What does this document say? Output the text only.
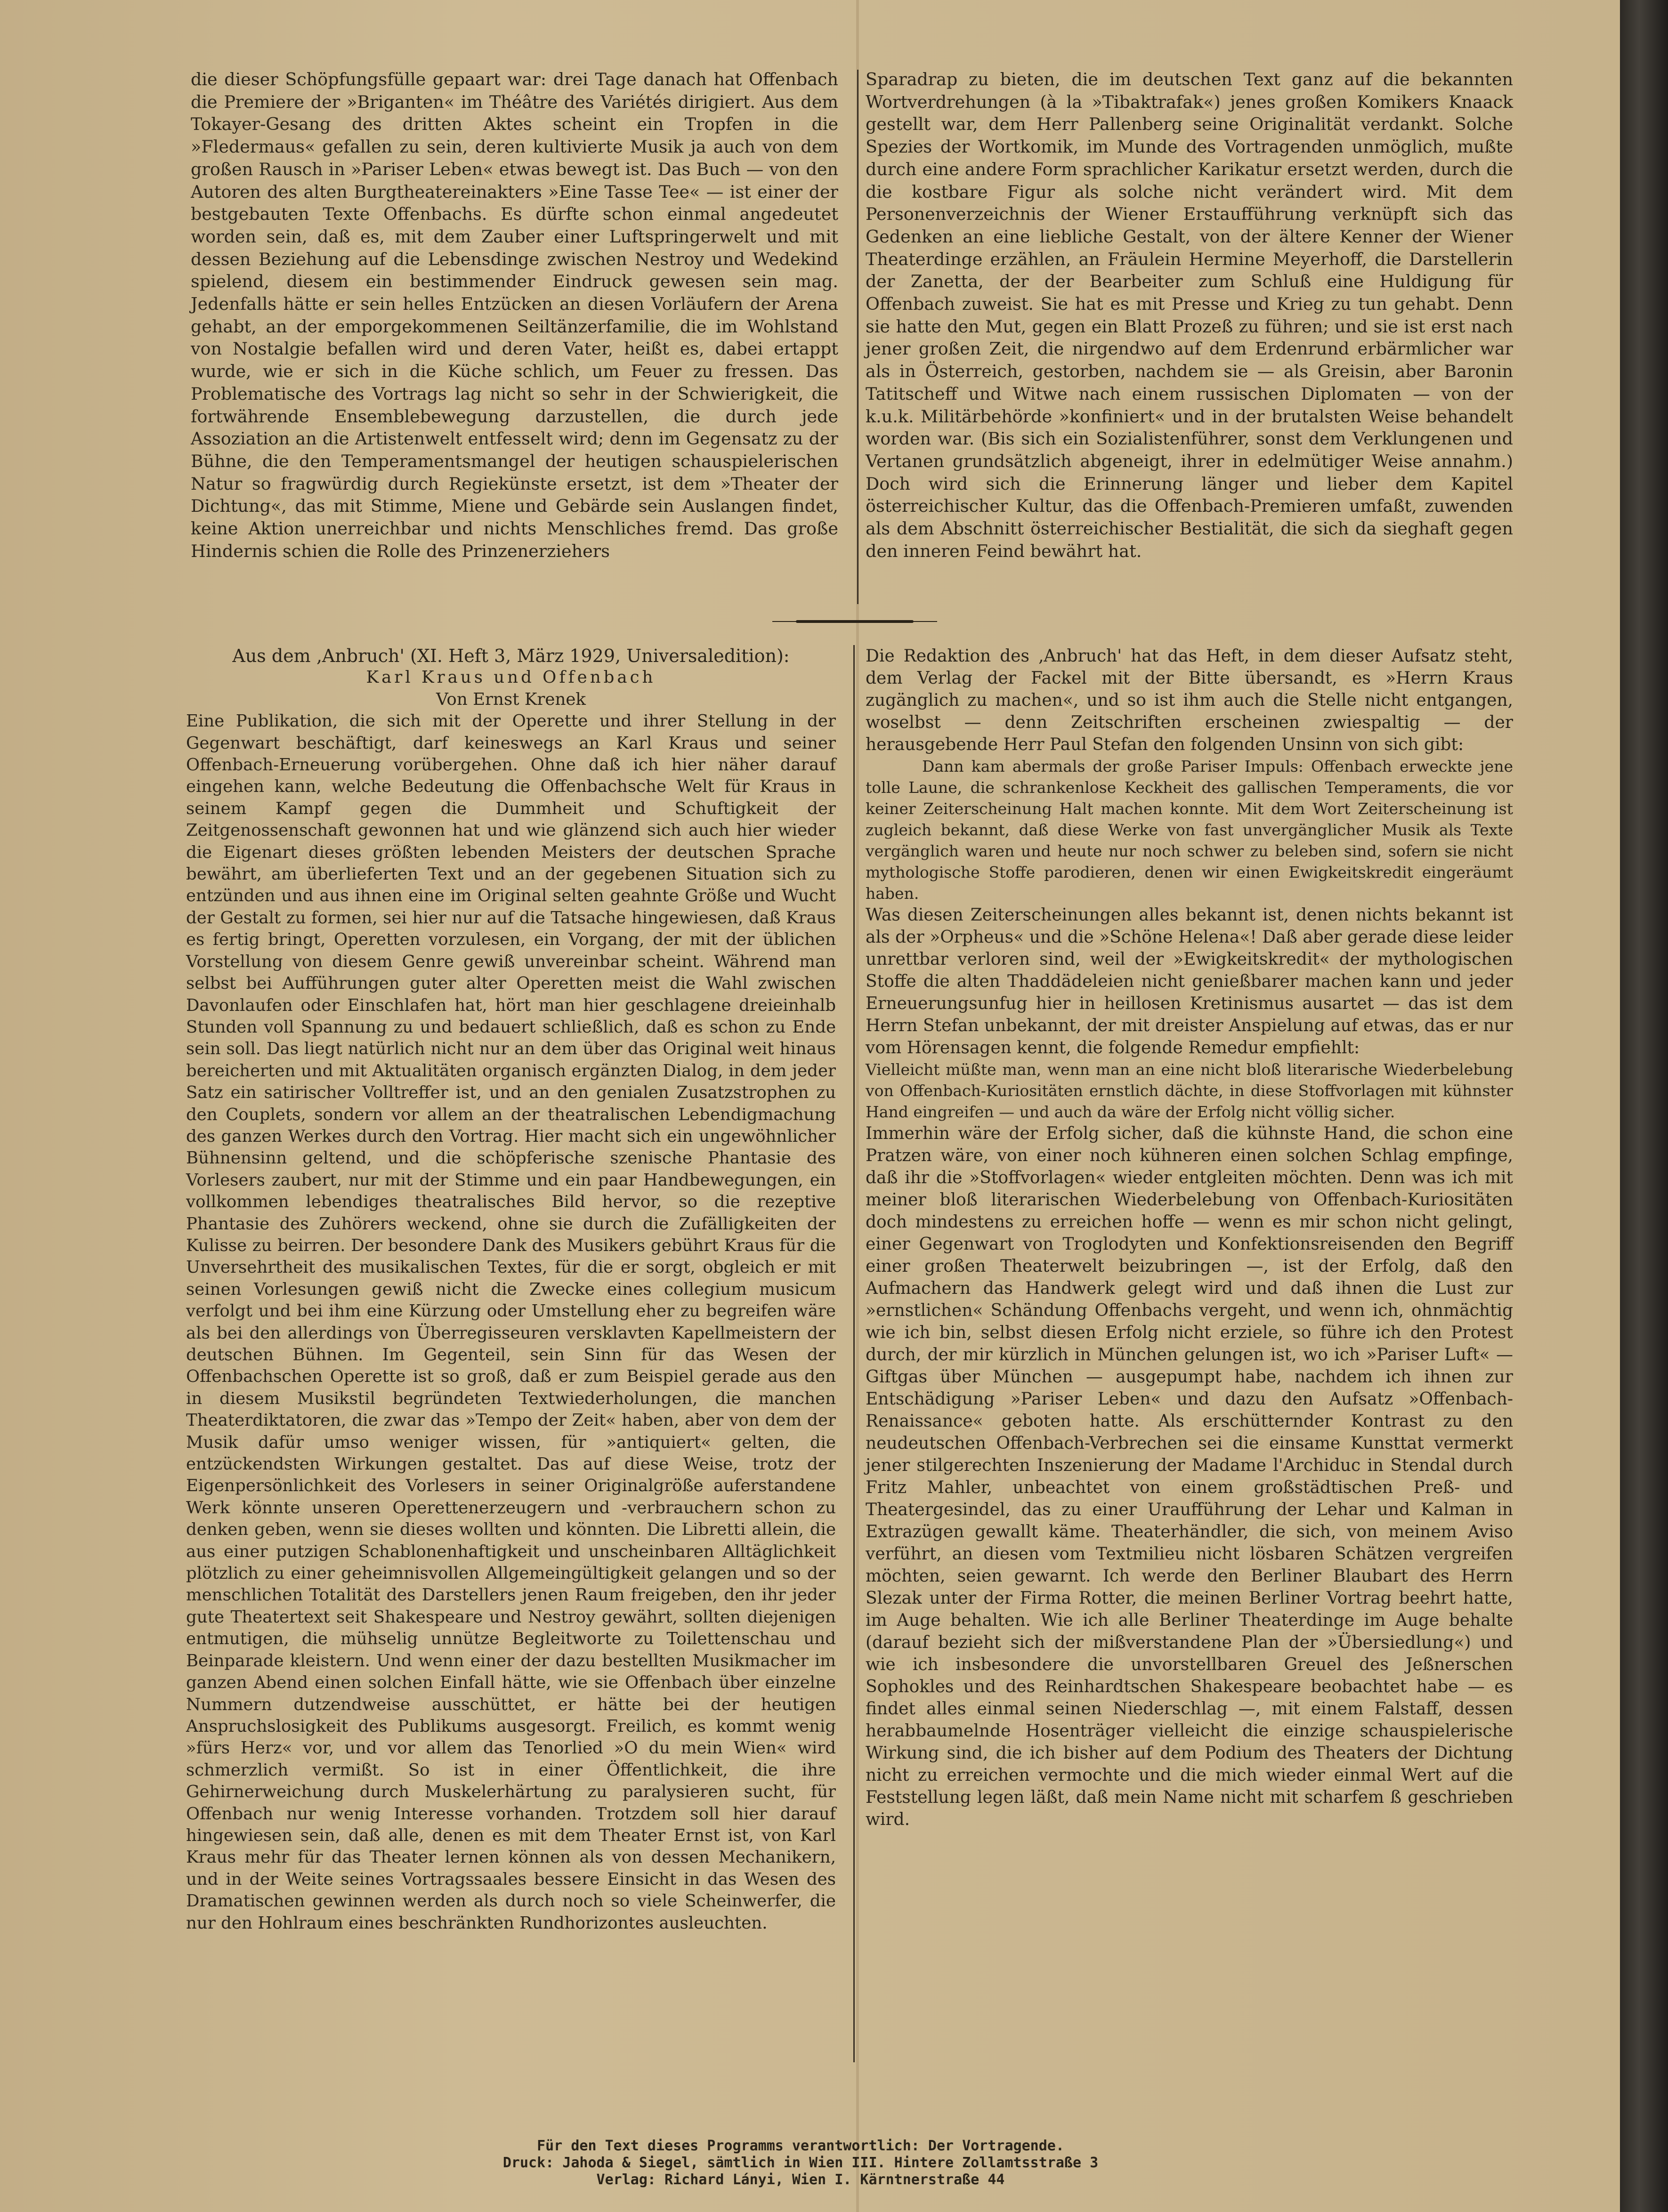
die dieser Schöpfungsfülle gepaart war: drei Tage danach hat Offenbach die Premiere der »Briganten« im Théâtre des Variétés dirigiert. Aus dem Tokayer-Gesang des dritten Aktes scheint ein Tropfen in die »Fledermaus« gefallen zu sein, deren kultivierte Musik ja auch von dem großen Rausch in »Pariser Leben« etwas bewegt ist. Das Buch — von den Autoren des alten Burgtheatereinakters »Eine Tasse Tee« — ist einer der bestgebauten Texte Offenbachs. Es dürfte schon einmal angedeutet worden sein, daß es, mit dem Zauber einer Luftspringerwelt und mit dessen Beziehung auf die Lebensdinge zwischen Nestroy und Wedekind spielend, diesem ein bestimmender Eindruck gewesen sein mag. Jedenfalls hätte er sein helles Entzücken an diesen Vorläufern der Arena gehabt, an der emporgekommenen Seiltänzerfamilie, die im Wohlstand von Nostalgie befallen wird und deren Vater, heißt es, dabei ertappt wurde, wie er sich in die Küche schlich, um Feuer zu fressen. Das Problematische des Vortrags lag nicht so sehr in der Schwierigkeit, die fortwährende Ensemblebewegung darzustellen, die durch jede Assoziation an die Artistenwelt entfesselt wird; denn im Gegensatz zu der Bühne, die den Temperamentsmangel der heutigen schauspielerischen Natur so fragwürdig durch Regiekünste ersetzt, ist dem »Theater der Dichtung«, das mit Stimme, Miene und Gebärde sein Auslangen findet, keine Aktion unerreichbar und nichts Menschliches fremd. Das große Hindernis schien die Rolle des Prinzenerziehers

Sparadrap zu bieten, die im deutschen Text ganz auf die bekannten Wortverdrehungen (à la »Tibaktrafak«) jenes großen Komikers Knaack gestellt war, dem Herr Pallenberg seine Originalität verdankt. Solche Spezies der Wortkomik, im Munde des Vortragenden unmöglich, mußte durch eine andere Form sprachlicher Karikatur ersetzt werden, durch die die kostbare Figur als solche nicht verändert wird. Mit dem Personenverzeichnis der Wiener Erstaufführung verknüpft sich das Gedenken an eine liebliche Gestalt, von der ältere Kenner der Wiener Theaterdinge erzählen, an Fräulein Hermine Meyerhoff, die Darstellerin der Zanetta, der der Bearbeiter zum Schluß eine Huldigung für Offenbach zuweist. Sie hat es mit Presse und Krieg zu tun gehabt. Denn sie hatte den Mut, gegen ein Blatt Prozeß zu führen; und sie ist erst nach jener großen Zeit, die nirgendwo auf dem Erdenrund erbärmlicher war als in Österreich, gestorben, nachdem sie — als Greisin, aber Baronin Tatitscheff und Witwe nach einem russischen Diplomaten — von der k.u.k. Militärbehörde »konfiniert« und in der brutalsten Weise behandelt worden war. (Bis sich ein Sozialistenführer, sonst dem Verklungenen und Vertanen grundsätzlich abgeneigt, ihrer in edelmütiger Weise annahm.) Doch wird sich die Erinnerung länger und lieber dem Kapitel österreichischer Kultur, das die Offenbach-Premieren umfaßt, zuwenden als dem Abschnitt österreichischer Bestialität, die sich da sieghaft gegen den inneren Feind bewährt hat.

Aus dem ‚Anbruch' (XI. Heft 3, März 1929, Universaledition):

Karl Kraus und Offenbach

Von Ernst Krenek

Eine Publikation, die sich mit der Operette und ihrer Stellung in der Gegenwart beschäftigt, darf keineswegs an Karl Kraus und seiner Offenbach-Erneuerung vorübergehen. Ohne daß ich hier näher darauf eingehen kann, welche Bedeutung die Offenbachsche Welt für Kraus in seinem Kampf gegen die Dummheit und Schuftigkeit der Zeitgenossenschaft gewonnen hat und wie glänzend sich auch hier wieder die Eigenart dieses größten lebenden Meisters der deutschen Sprache bewährt, am überlieferten Text und an der gegebenen Situation sich zu entzünden und aus ihnen eine im Original selten geahnte Größe und Wucht der Gestalt zu formen, sei hier nur auf die Tatsache hingewiesen, daß Kraus es fertig bringt, Operetten vorzulesen, ein Vorgang, der mit der üblichen Vorstellung von diesem Genre gewiß unvereinbar scheint. Während man selbst bei Aufführungen guter alter Operetten meist die Wahl zwischen Davonlaufen oder Einschlafen hat, hört man hier geschlagene dreieinhalb Stunden voll Spannung zu und bedauert schließlich, daß es schon zu Ende sein soll. Das liegt natürlich nicht nur an dem über das Original weit hinaus bereicherten und mit Aktualitäten organisch ergänzten Dialog, in dem jeder Satz ein satirischer Volltreffer ist, und an den genialen Zusatzstrophen zu den Couplets, sondern vor allem an der theatralischen Lebendigmachung des ganzen Werkes durch den Vortrag. Hier macht sich ein ungewöhnlicher Bühnensinn geltend, und die schöpferische szenische Phantasie des Vorlesers zaubert, nur mit der Stimme und ein paar Handbewegungen, ein vollkommen lebendiges theatralisches Bild hervor, so die rezeptive Phantasie des Zuhörers weckend, ohne sie durch die Zufälligkeiten der Kulisse zu beirren. Der besondere Dank des Musikers gebührt Kraus für die Unversehrtheit des musikalischen Textes, für die er sorgt, obgleich er mit seinen Vorlesungen gewiß nicht die Zwecke eines collegium musicum verfolgt und bei ihm eine Kürzung oder Umstellung eher zu begreifen wäre als bei den allerdings von Überregisseuren versklavten Kapellmeistern der deutschen Bühnen. Im Gegenteil, sein Sinn für das Wesen der Offenbachschen Operette ist so groß, daß er zum Beispiel gerade aus den in diesem Musikstil begründeten Textwiederholungen, die manchen Theaterdiktatoren, die zwar das »Tempo der Zeit« haben, aber von dem der Musik dafür umso weniger wissen, für »antiquiert« gelten, die entzückendsten Wirkungen gestaltet. Das auf diese Weise, trotz der Eigenpersönlichkeit des Vorlesers in seiner Originalgröße auferstandene Werk könnte unseren Operettenerzeugern und -verbrauchern schon zu denken geben, wenn sie dieses wollten und könnten. Die Libretti allein, die aus einer putzigen Schablonenhaftigkeit und unscheinbaren Alltäglichkeit plötzlich zu einer geheimnisvollen Allgemeingültigkeit gelangen und so der menschlichen Totalität des Darstellers jenen Raum freigeben, den ihr jeder gute Theatertext seit Shakespeare und Nestroy gewährt, sollten diejenigen entmutigen, die mühselig unnütze Begleitworte zu Toilettenschau und Beinparade kleistern. Und wenn einer der dazu bestellten Musikmacher im ganzen Abend einen solchen Einfall hätte, wie sie Offenbach über einzelne Nummern dutzendweise ausschüttet, er hätte bei der heutigen Anspruchslosigkeit des Publikums ausgesorgt. Freilich, es kommt wenig »fürs Herz« vor, und vor allem das Tenorlied »O du mein Wien« wird schmerzlich vermißt. So ist in einer Öffentlichkeit, die ihre Gehirnerweichung durch Muskelerhärtung zu paralysieren sucht, für Offenbach nur wenig Interesse vorhanden. Trotzdem soll hier darauf hingewiesen sein, daß alle, denen es mit dem Theater Ernst ist, von Karl Kraus mehr für das Theater lernen können als von dessen Mechanikern, und in der Weite seines Vortragssaales bessere Einsicht in das Wesen des Dramatischen gewinnen werden als durch noch so viele Scheinwerfer, die nur den Hohlraum eines beschränkten Rundhorizontes ausleuchten.

Die Redaktion des ‚Anbruch' hat das Heft, in dem dieser Aufsatz steht, dem Verlag der Fackel mit der Bitte übersandt, es »Herrn Kraus zugänglich zu machen«, und so ist ihm auch die Stelle nicht entgangen, woselbst — denn Zeitschriften erscheinen zwiespaltig — der herausgebende Herr Paul Stefan den folgenden Unsinn von sich gibt:

Dann kam abermals der große Pariser Impuls: Offenbach erweckte jene tolle Laune, die schrankenlose Keckheit des gallischen Temperaments, die vor keiner Zeiterscheinung Halt machen konnte. Mit dem Wort Zeiterscheinung ist zugleich bekannt, daß diese Werke von fast unvergänglicher Musik als Texte vergänglich waren und heute nur noch schwer zu beleben sind, sofern sie nicht mythologische Stoffe parodieren, denen wir einen Ewigkeitskredit eingeräumt haben.

Was diesen Zeiterscheinungen alles bekannt ist, denen nichts bekannt ist als der »Orpheus« und die »Schöne Helena«! Daß aber gerade diese leider unrettbar verloren sind, weil der »Ewigkeitskredit« der mythologischen Stoffe die alten Thaddädeleien nicht genießbarer machen kann und jeder Erneuerungsunfug hier in heillosen Kretinismus ausartet — das ist dem Herrn Stefan unbekannt, der mit dreister Anspielung auf etwas, das er nur vom Hörensagen kennt, die folgende Remedur empfiehlt:

Vielleicht müßte man, wenn man an eine nicht bloß literarische Wiederbelebung von Offenbach-Kuriositäten ernstlich dächte, in diese Stoffvorlagen mit kühnster Hand eingreifen — und auch da wäre der Erfolg nicht völlig sicher.

Immerhin wäre der Erfolg sicher, daß die kühnste Hand, die schon eine Pratzen wäre, von einer noch kühneren einen solchen Schlag empfinge, daß ihr die »Stoffvorlagen« wieder entgleiten möchten. Denn was ich mit meiner bloß literarischen Wiederbelebung von Offenbach-Kuriositäten doch mindestens zu erreichen hoffe — wenn es mir schon nicht gelingt, einer Gegenwart von Troglodyten und Konfektionsreisenden den Begriff einer großen Theaterwelt beizubringen —, ist der Erfolg, daß den Aufmachern das Handwerk gelegt wird und daß ihnen die Lust zur »ernstlichen« Schändung Offenbachs vergeht, und wenn ich, ohnmächtig wie ich bin, selbst diesen Erfolg nicht erziele, so führe ich den Protest durch, der mir kürzlich in München gelungen ist, wo ich »Pariser Luft« — Giftgas über München — ausgepumpt habe, nachdem ich ihnen zur Entschädigung »Pariser Leben« und dazu den Aufsatz »Offenbach-Renaissance« geboten hatte. Als erschütternder Kontrast zu den neudeutschen Offenbach-Verbrechen sei die einsame Kunsttat vermerkt jener stilgerechten Inszenierung der Madame l'Archiduc in Stendal durch Fritz Mahler, unbeachtet von einem großstädtischen Preß- und Theatergesindel, das zu einer Uraufführung der Lehar und Kalman in Extrazügen gewallt käme. Theaterhändler, die sich, von meinem Aviso verführt, an diesen vom Textmilieu nicht lösbaren Schätzen vergreifen möchten, seien gewarnt. Ich werde den Berliner Blaubart des Herrn Slezak unter der Firma Rotter, die meinen Berliner Vortrag beehrt hatte, im Auge behalten. Wie ich alle Berliner Theaterdinge im Auge behalte (darauf bezieht sich der mißverstandene Plan der »Übersiedlung«) und wie ich insbesondere die unvorstellbaren Greuel des Jeßnerschen Sophokles und des Reinhardtschen Shakespeare beobachtet habe — es findet alles einmal seinen Niederschlag —, mit einem Falstaff, dessen herabbaumelnde Hosenträger vielleicht die einzige schauspielerische Wirkung sind, die ich bisher auf dem Podium des Theaters der Dichtung nicht zu erreichen vermochte und die mich wieder einmal Wert auf die Feststellung legen läßt, daß mein Name nicht mit scharfem ß geschrieben wird.

Für den Text dieses Programms verantwortlich: Der Vortragende.

Druck: Jahoda & Siegel, sämtlich in Wien III. Hintere Zollamtsstraße 3

Verlag: Richard Lányi, Wien I. Kärntnerstraße 44
